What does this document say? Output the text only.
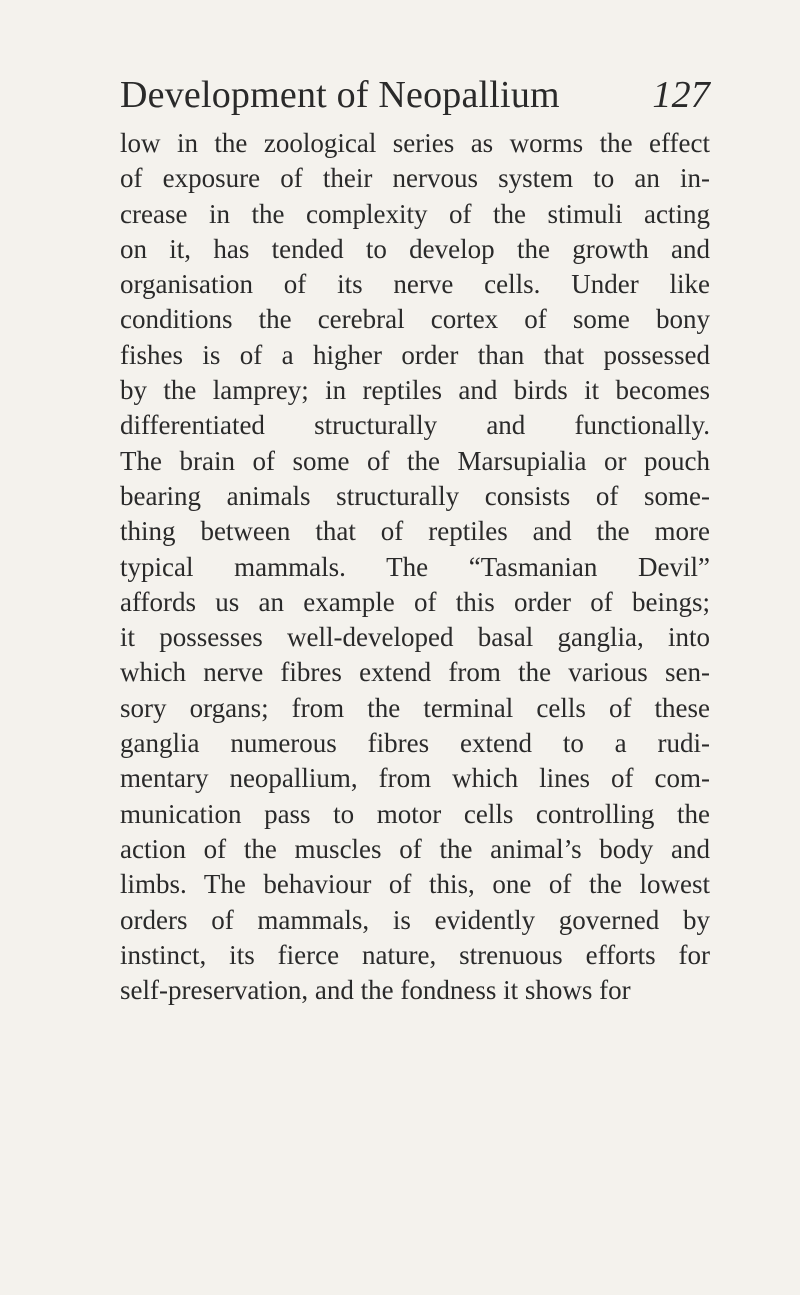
Development of Neopallium	127
low in the zoological series as worms the effect
of exposure of their nervous system to an in-
crease in the complexity of the stimuli acting
on it, has tended to develop the growth and
organisation of its nerve cells. Under like
conditions the cerebral cortex of some bony
fishes is of a higher order than that possessed
by the lamprey; in reptiles and birds it becomes
differentiated structurally and functionally.
The brain of some of the Marsupialia or pouch
bearing animals structurally consists of some-
thing between that of reptiles and the more
typical mammals. The “Tasmanian Devil”
affords us an example of this order of beings;
it possesses well-developed basal ganglia, into
which nerve fibres extend from the various sen-
sory organs; from the terminal cells of these
ganglia numerous fibres extend to a rudi-
mentary neopallium, from which lines of com-
munication pass to motor cells controlling the
action of the muscles of the animal’s body and
limbs. The behaviour of this, one of the lowest
orders of mammals, is evidently governed by
instinct, its fierce nature, strenuous efforts for
self-preservation, and the fondness it shows for
